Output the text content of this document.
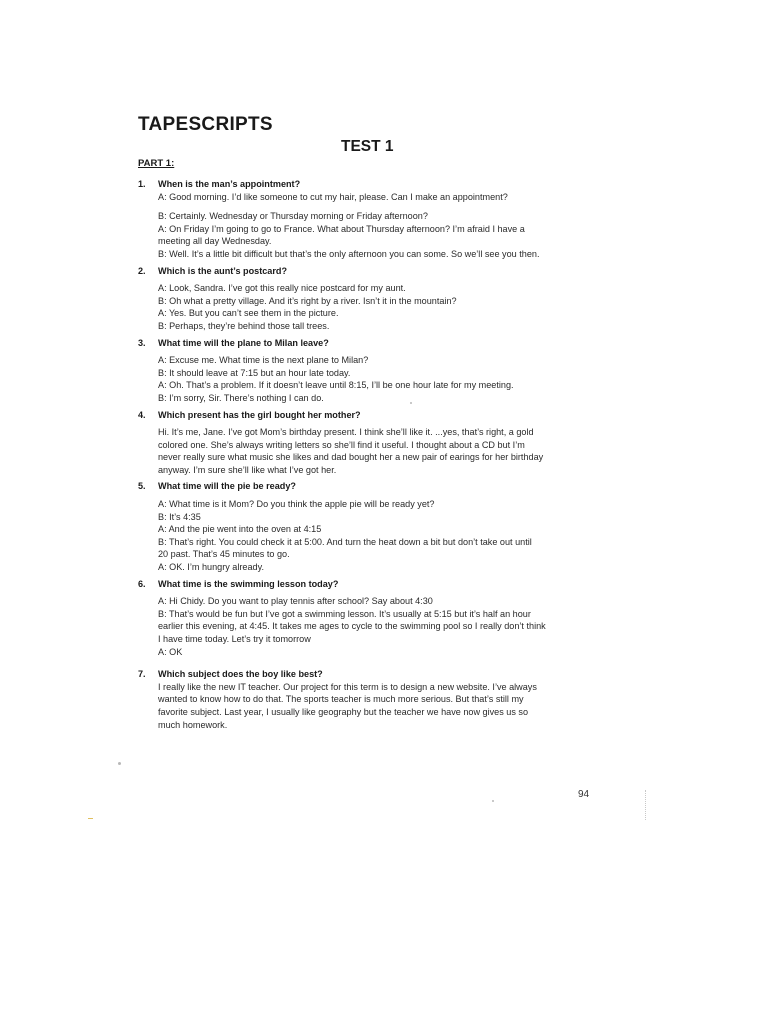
TAPESCRIPTS
TEST 1
PART 1:
1.	When is the man’s appointment?
A: Good morning. I’d like someone to cut my hair, please. Can I make an appointment?
B: Certainly. Wednesday or Thursday morning or Friday afternoon?
A: On Friday I’m going to go to France. What about Thursday afternoon? I’m afraid I have a
meeting all day Wednesday.
B: Well. It’s a little bit difficult but that’s the only afternoon you can some. So we’ll see you then.
2.	Which is the aunt’s postcard?
A: Look, Sandra. I’ve got this really nice postcard for my aunt.
B: Oh what a pretty village. And it’s right by a river. Isn’t it in the mountain?
A: Yes. But you can’t see them in the picture.
B: Perhaps, they’re behind those tall trees.
3.	What time will the plane to Milan leave?
A: Excuse me. What time is the next plane to Milan?
B: It should leave at 7:15 but an hour late today.
A: Oh. That’s a problem. If it doesn’t leave until 8:15, I’ll be one hour late for my meeting.
B: I’m sorry, Sir. There’s nothing I can do.
4.	Which present has the girl bought her mother?
Hi. It’s me, Jane. I’ve got Mom’s birthday present. I think she’ll like it. ...yes, that’s right, a gold
colored one. She’s always writing letters so she’ll find it useful. I thought about a CD but I’m
never really sure what music she likes and dad bought her a new pair of earings for her birthday
anyway. I’m sure she’ll like what I’ve got her.
5.	What time will the pie be ready?
A: What time is it Mom? Do you think the apple pie will be ready yet?
B: It’s 4:35
A: And the pie went into the oven at 4:15
B: That’s right. You could check it at 5:00. And turn the heat down a bit but don’t take out until
20 past. That’s 45 minutes to go.
A: OK. I’m hungry already.
6.	What time is the swimming lesson today?
A: Hi Chidy. Do you want to play tennis after school? Say about 4:30
B: That’s would be fun but I’ve got a swimming lesson. It’s usually at 5:15 but it’s half an hour
earlier this evening, at 4:45. It takes me ages to cycle to the swimming pool so I really don’t think
I have time today. Let’s try it tomorrow
A: OK
7.	Which subject does the boy like best?
I really like the new IT teacher. Our project for this term is to design a new website. I’ve always
wanted to know how to do that. The sports teacher is much more serious. But that’s still my
favorite subject. Last year, I usually like geography but the teacher we have now gives us so
much homework.
94
